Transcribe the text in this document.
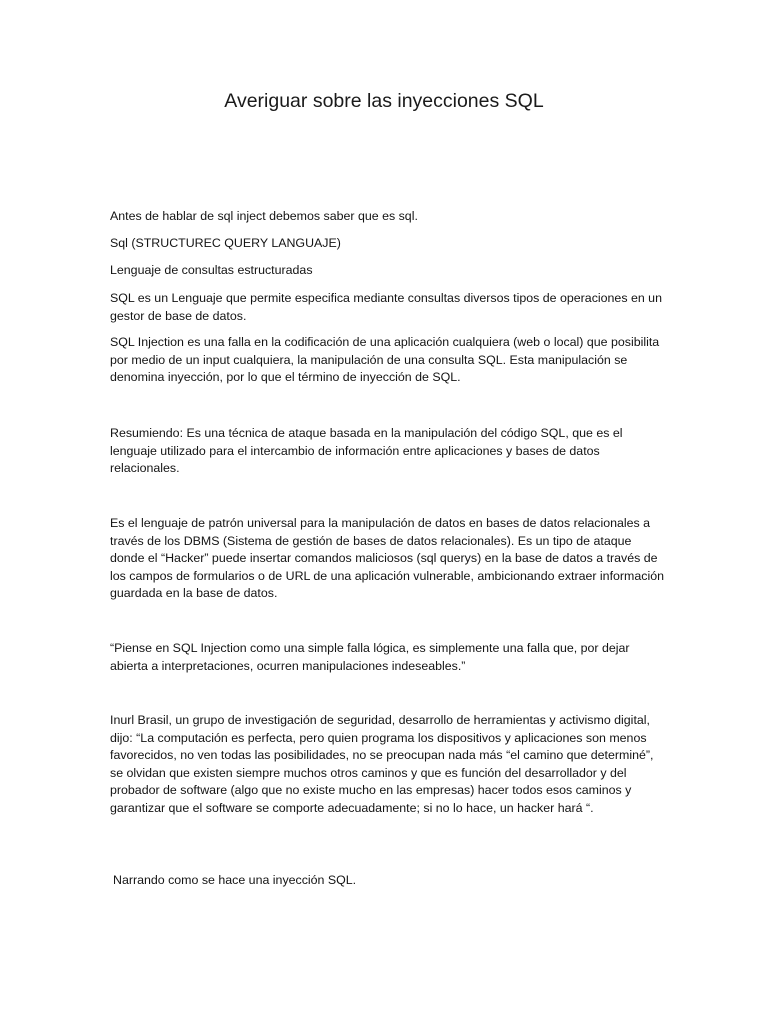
Averiguar sobre las inyecciones SQL

Antes de hablar de sql inject debemos saber que es sql.

Sql (STRUCTUREC QUERY LANGUAJE)

Lenguaje de consultas estructuradas

SQL es un Lenguaje que permite especifica mediante consultas diversos tipos de operaciones en un gestor de base de datos.

SQL Injection es una falla en la codificación de una aplicación cualquiera (web o local) que posibilita por medio de un input cualquiera, la manipulación de una consulta SQL. Esta manipulación se denomina inyección, por lo que el término de inyección de SQL.

Resumiendo: Es una técnica de ataque basada en la manipulación del código SQL, que es el lenguaje utilizado para el intercambio de información entre aplicaciones y bases de datos relacionales.

Es el lenguaje de patrón universal para la manipulación de datos en bases de datos relacionales a través de los DBMS (Sistema de gestión de bases de datos relacionales). Es un tipo de ataque donde el “Hacker” puede insertar comandos maliciosos (sql querys) en la base de datos a través de los campos de formularios o de URL de una aplicación vulnerable, ambicionando extraer información guardada en la base de datos.

“Piense en SQL Injection como una simple falla lógica, es simplemente una falla que, por dejar abierta a interpretaciones, ocurren manipulaciones indeseables.”

Inurl Brasil, un grupo de investigación de seguridad, desarrollo de herramientas y activismo digital, dijo: “La computación es perfecta, pero quien programa los dispositivos y aplicaciones son menos favorecidos, no ven todas las posibilidades, no se preocupan nada más “el camino que determiné”, se olvidan que existen siempre muchos otros caminos y que es función del desarrollador y del probador de software (algo que no existe mucho en las empresas) hacer todos esos caminos y garantizar que el software se comporte adecuadamente; si no lo hace, un hacker hará “.

Narrando como se hace una inyección SQL.
